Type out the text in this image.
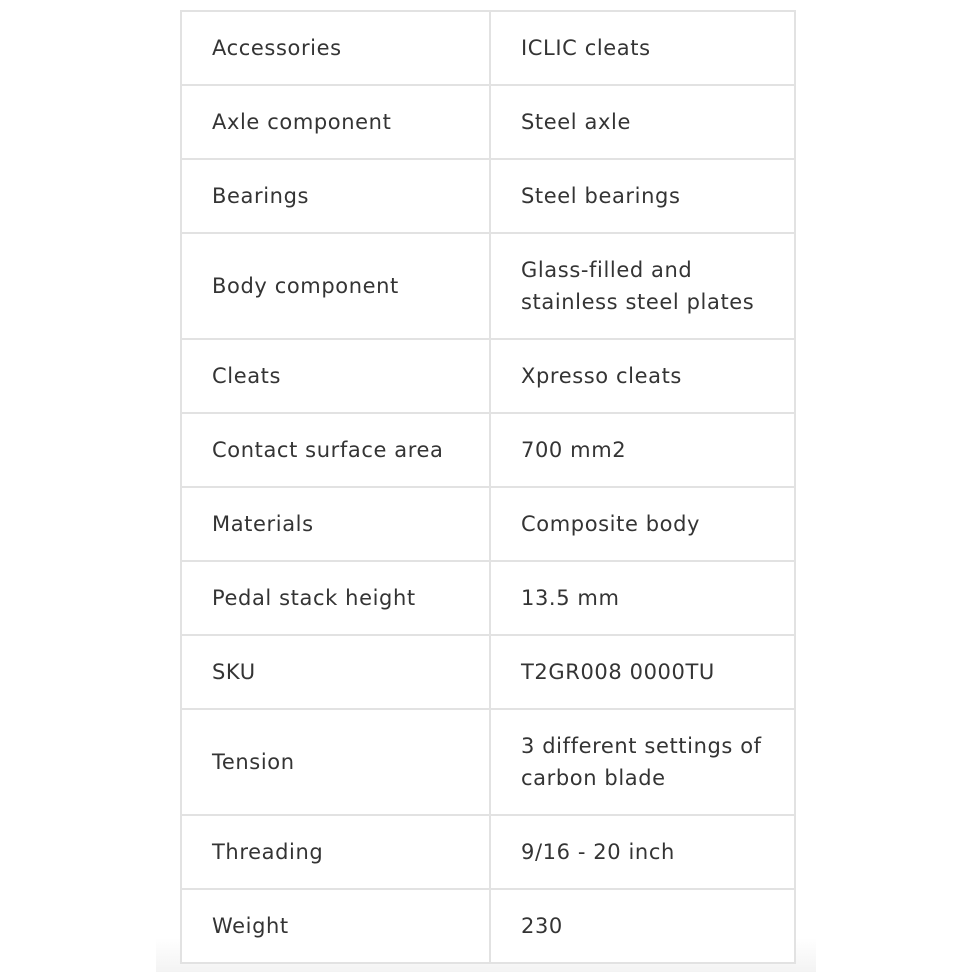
Accessories	ICLIC cleats
Axle component	Steel axle
Bearings	Steel bearings
Body component	Glass-filled and stainless steel plates
Cleats	Xpresso cleats
Contact surface area	700 mm2
Materials	Composite body
Pedal stack height	13.5 mm
SKU	T2GR008 0000TU
Tension	3 different settings of carbon blade
Threading	9/16 - 20 inch
Weight	230
